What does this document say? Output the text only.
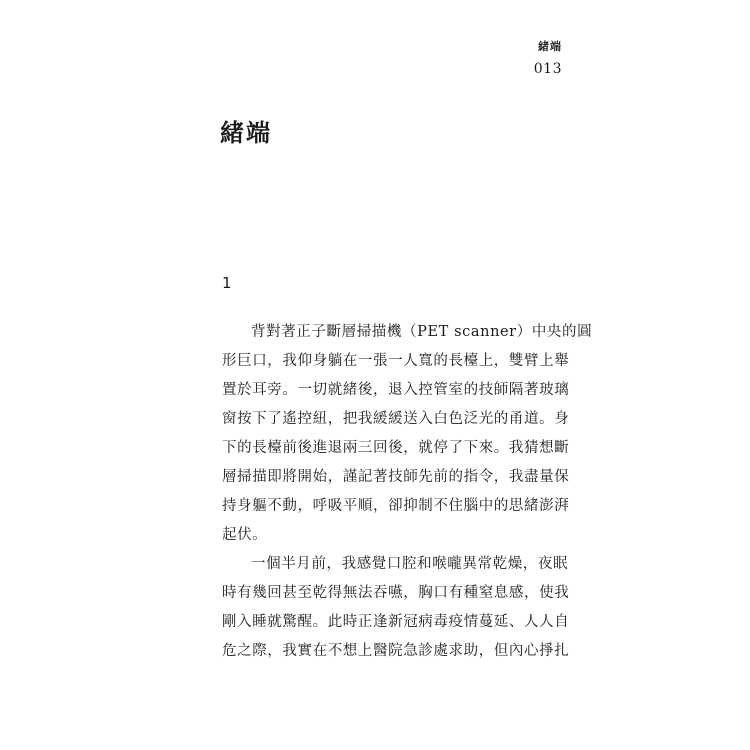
緒端
013
緒端
1
背對著正子斷層掃描機（PET scanner）中央的圓
形巨口，我仰身躺在一張一人寬的長檯上，雙臂上舉
置於耳旁。一切就緒後，退入控管室的技師隔著玻璃
窗按下了遙控紐，把我緩緩送入白色泛光的甬道。身
下的長檯前後進退兩三回後，就停了下來。我猜想斷
層掃描即將開始，謹記著技師先前的指令，我盡量保
持身軀不動，呼吸平順，卻抑制不住腦中的思緒澎湃
起伏。
一個半月前，我感覺口腔和喉嚨異常乾燥，夜眠
時有幾回甚至乾得無法吞嚥，胸口有種窒息感，使我
剛入睡就驚醒。此時正逢新冠病毒疫情蔓延、人人自
危之際，我實在不想上醫院急診處求助，但內心掙扎
